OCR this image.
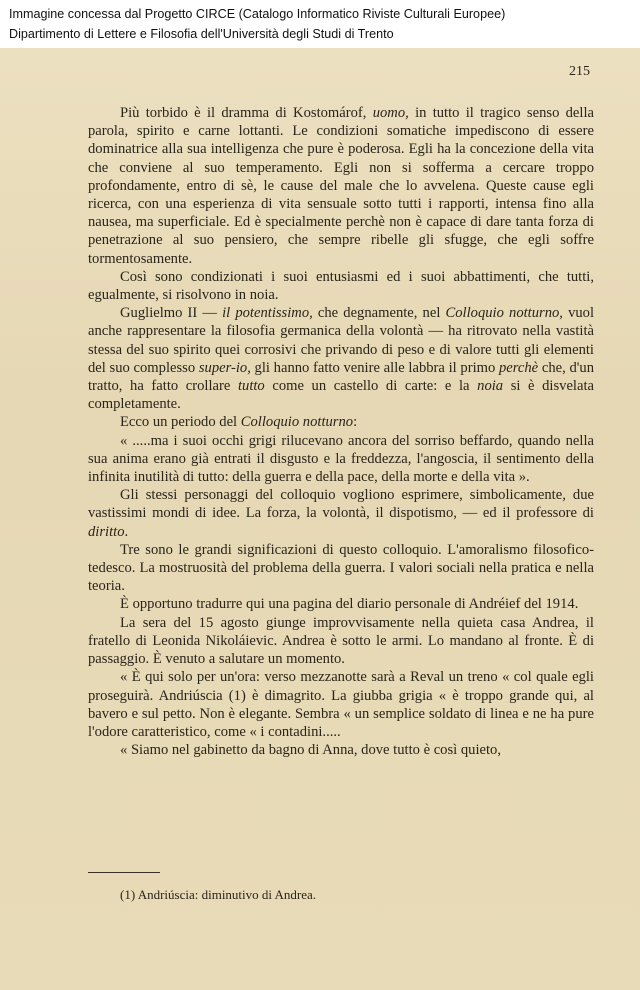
Immagine concessa dal Progetto CIRCE (Catalogo Informatico Riviste Culturali Europee)
Dipartimento di Lettere e Filosofia dell'Università degli Studi di Trento
215

Più torbido è il dramma di Kostomárof, uomo, in tutto il tragico senso della parola, spirito e carne lottanti. Le condizioni somatiche impediscono di essere dominatrice alla sua intelligenza che pure è poderosa. Egli ha la concezione della vita che conviene al suo temperamento. Egli non si sofferma a cercare troppo profondamente, entro di sè, le cause del male che lo avvelena. Queste cause egli ricerca, con una esperienza di vita sensuale sotto tutti i rapporti, intensa fino alla nausea, ma superficiale. Ed è specialmente perchè non è capace di dare tanta forza di penetrazione al suo pensiero, che sempre ribelle gli sfugge, che egli soffre tormentosamente.

Così sono condizionati i suoi entusiasmi ed i suoi abbattimenti, che tutti, egualmente, si risolvono in noia.

Guglielmo II — il potentissimo, che degnamente, nel Colloquio notturno, vuol anche rappresentare la filosofia germanica della volontà — ha ritrovato nella vastità stessa del suo spirito quei corrosivi che privando di peso e di valore tutti gli elementi del suo complesso super-io, gli hanno fatto venire alle labbra il primo perchè che, d'un tratto, ha fatto crollare tutto come un castello di carte: e la noia si è disvelata completamente.

Ecco un periodo del Colloquio notturno:

« .....ma i suoi occhi grigi rilucevano ancora del sorriso beffardo, quando nella sua anima erano già entrati il disgusto e la freddezza, l'angoscia, il sentimento della infinita inutilità di tutto: della guerra e della pace, della morte e della vita ».

Gli stessi personaggi del colloquio vogliono esprimere, simbolicamente, due vastissimi mondi di idee. La forza, la volontà, il dispotismo, — ed il professore di diritto.

Tre sono le grandi significazioni di questo colloquio. L'amoralismo filosofico-tedesco. La mostruosità del problema della guerra. I valori sociali nella pratica e nella teoria.

È opportuno tradurre qui una pagina del diario personale di Andréief del 1914.

La sera del 15 agosto giunge improvvisamente nella quieta casa Andrea, il fratello di Leonida Nikoláievic. Andrea è sotto le armi. Lo mandano al fronte. È di passaggio. È venuto a salutare un momento.

« È qui solo per un'ora: verso mezzanotte sarà a Reval un treno « col quale egli proseguirà. Andriúscia (1) è dimagrito. La giubba grigia « è troppo grande qui, al bavero e sul petto. Non è elegante. Sembra « un semplice soldato di linea e ne ha pure l'odore caratteristico, come « i contadini.....

« Siamo nel gabinetto da bagno di Anna, dove tutto è così quieto,

(1) Andriúscia: diminutivo di Andrea.
